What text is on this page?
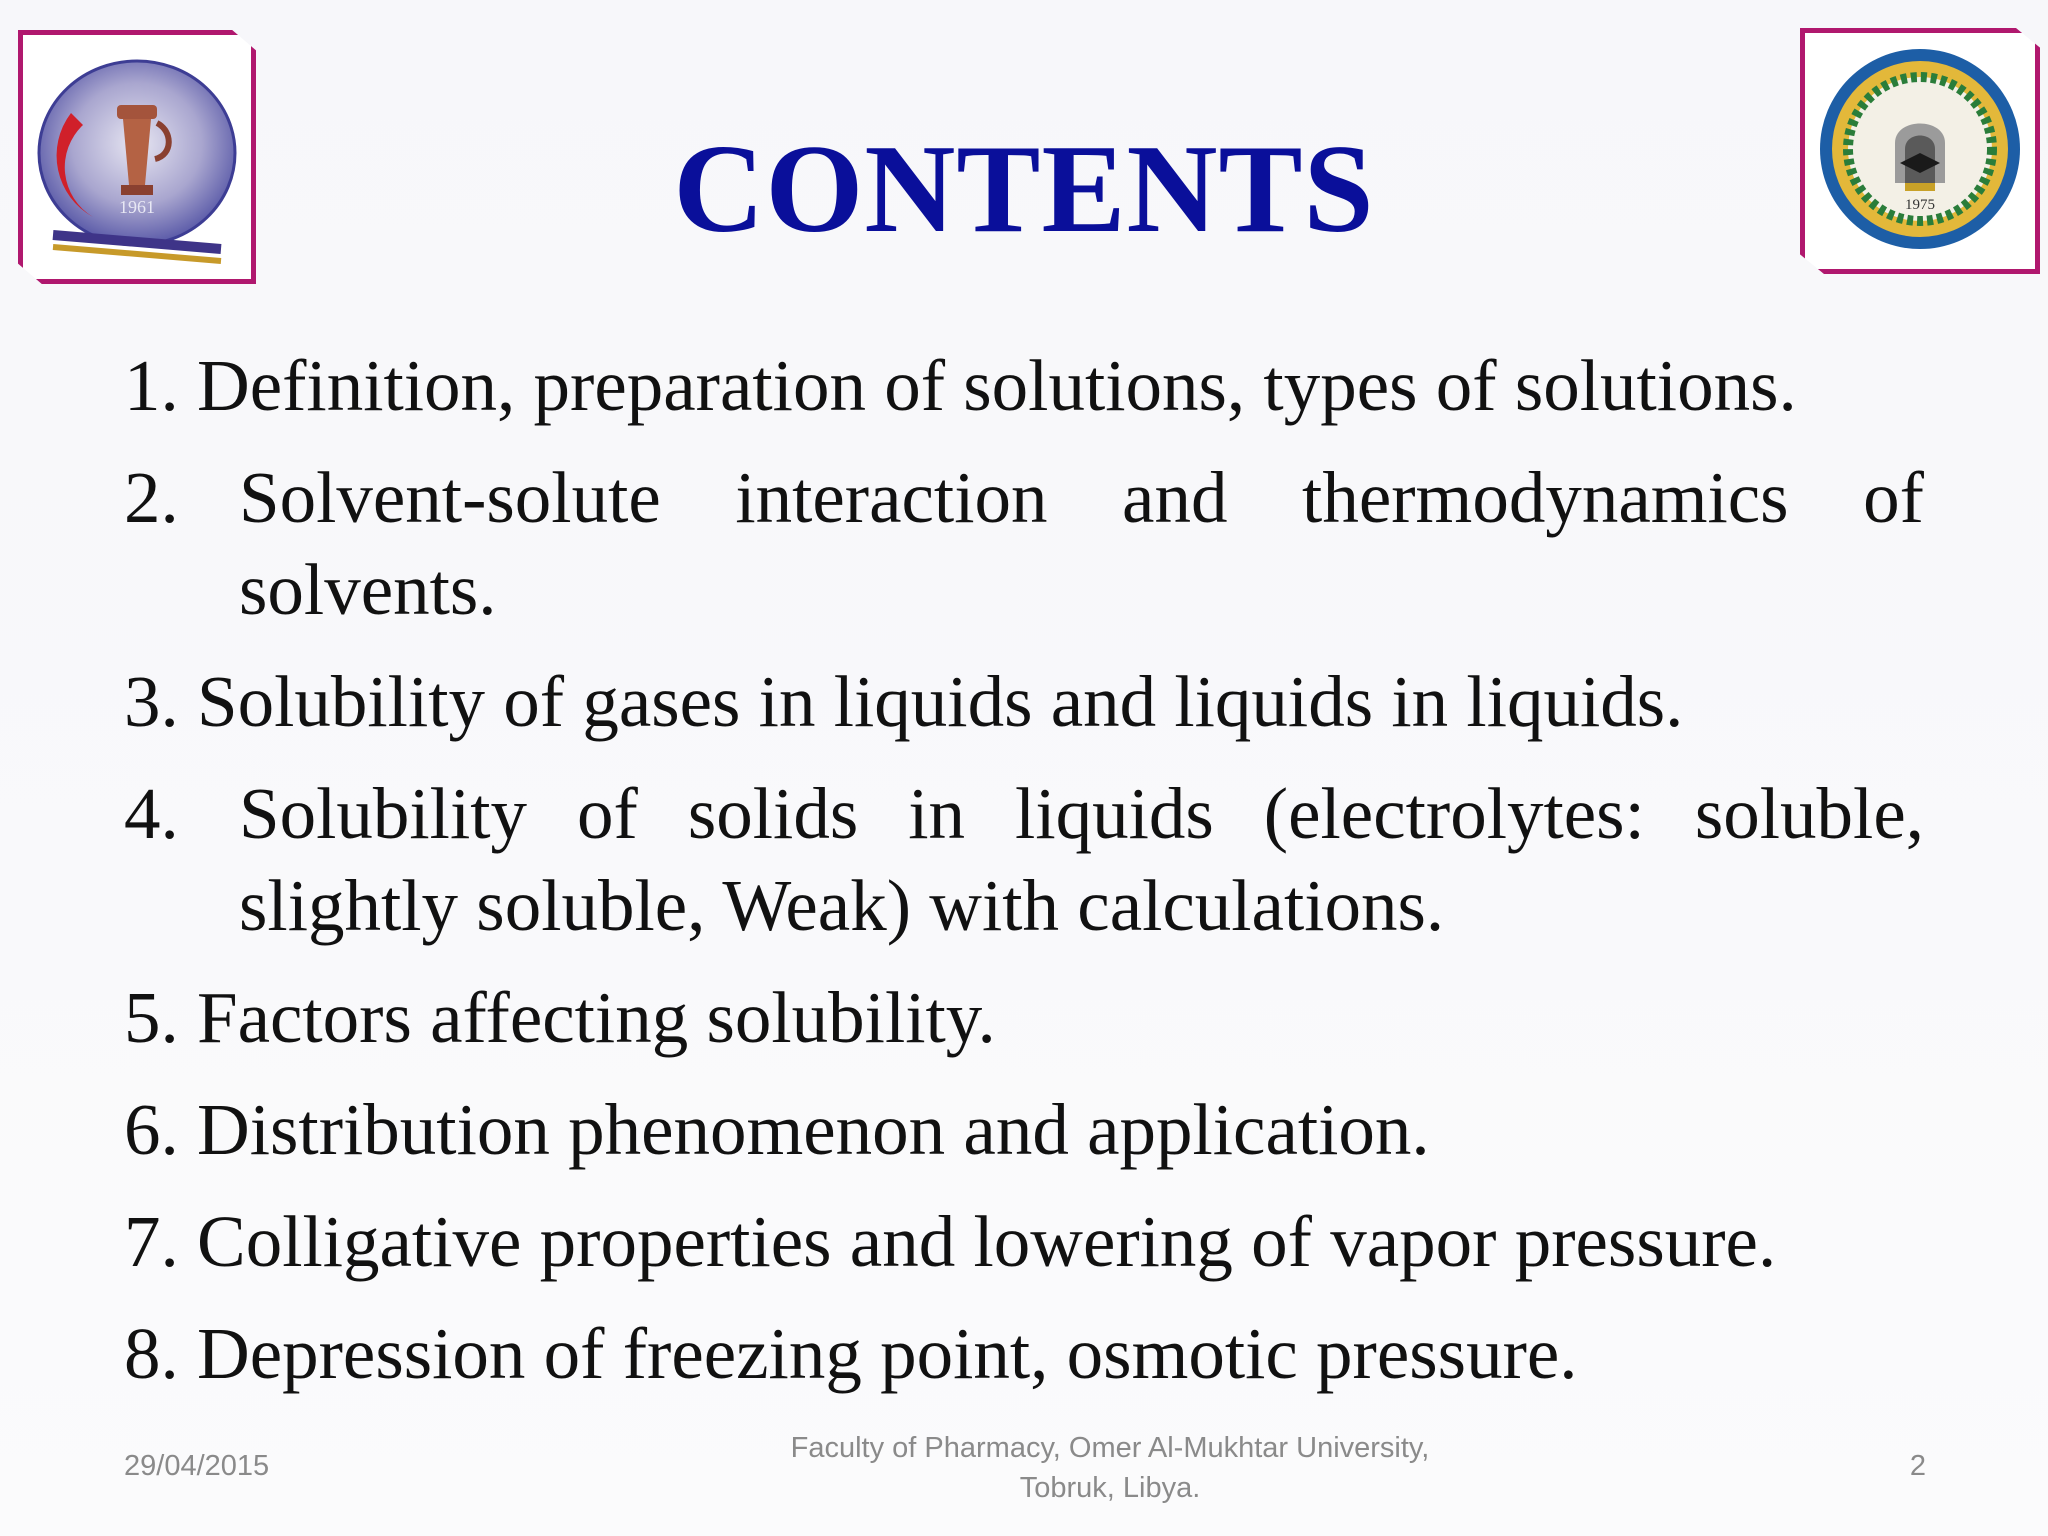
1961	1975
CONTENTS
1. Definition, preparation of solutions, types of solutions.
2. Solvent-solute interaction and thermodynamics of solvents.
3. Solubility of gases in liquids and liquids in liquids.
4. Solubility of solids in liquids (electrolytes: soluble, slightly soluble, Weak) with calculations.
5. Factors affecting solubility.
6. Distribution phenomenon and application.
7. Colligative properties and lowering of vapor pressure.
8. Depression of freezing point, osmotic pressure.
29/04/2015
Faculty of Pharmacy, Omer Al-Mukhtar University,
Tobruk, Libya.
2
